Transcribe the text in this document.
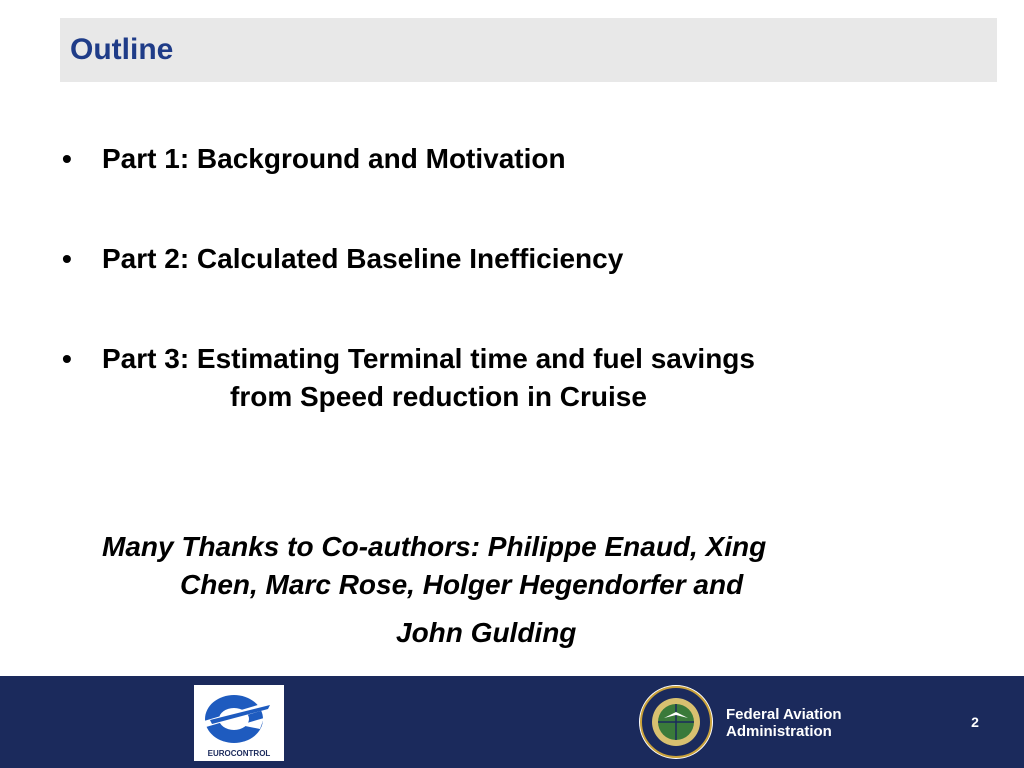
Outline
•	Part 1: Background and Motivation
•	Part 2: Calculated Baseline Inefficiency
•	Part 3: Estimating Terminal time and fuel savings
from Speed reduction in Cruise
Many Thanks to Co-authors: Philippe Enaud, Xing
Chen, Marc Rose, Holger Hegendorfer and
John Gulding
EUROCONTROL
Federal Aviation
Administration
2
